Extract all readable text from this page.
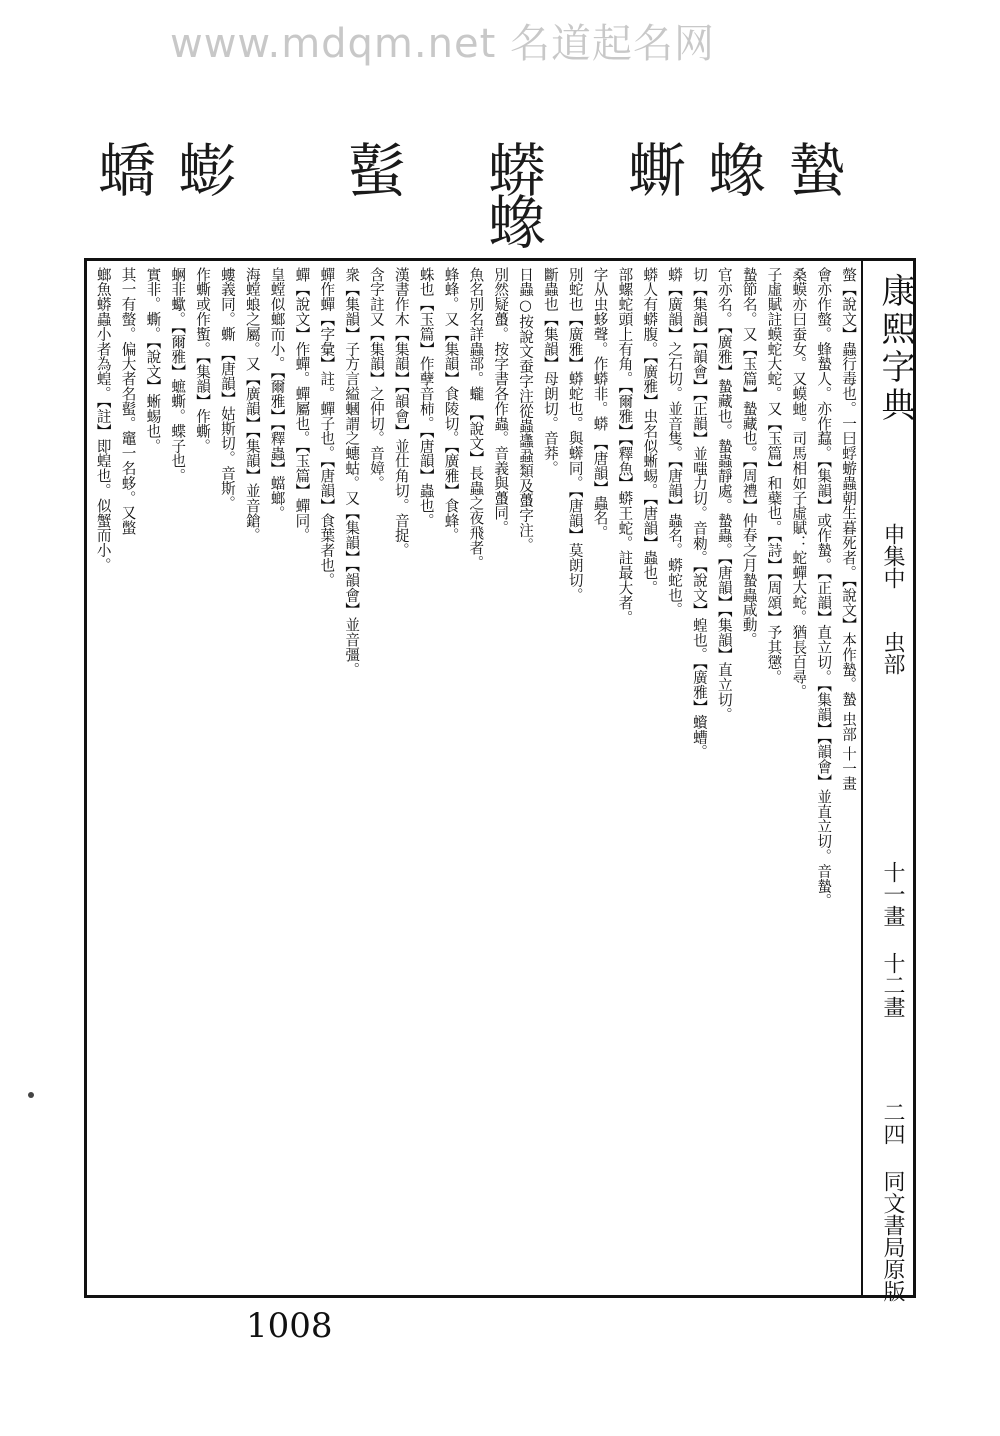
www.mdqm.net 名道起名网
蟄
蟓
蟖
蟒蟓
蟚
蟛
蟜
康熙字典
申集中
虫部
十一畫 十二畫
二四 同文書局原版
螫【說文】蟲行毒也。一曰蜉蝣蟲朝生暮死者。【說文】本作蟄。蟄 虫部 十一畫
會亦作螫。蜂蟄人。亦作蠚。【集韻】或作蟄。【正韻】直立切。【集韻】【韻會】並直立切。音蟄。
桑蟆亦曰蚕女。又蟆虵。司馬相如子虛賦：蛇蟬大蛇。猶長百尋。
子虛賦註蟆蛇大蛇。又【玉篇】和蘗也。【詩】【周頌】予其懲。
蟄節名。又【玉篇】蟄藏也。【周禮】仲春之月蟄蟲咸動。
官亦名。【廣雅】蟄藏也。蟄蟲靜處。蟄蟲。【唐韻】【集韻】直立切。
切【集韻】【韻會】【正韻】並嗤力切。音勑。【說文】蝗也。【廣雅】蠀螬。
蟒【廣韻】之石切。並音隻。【唐韻】蟲名。蟒蛇也。
蟒人有蟒腹。【廣雅】虫名似蜥蜴。【唐韻】蟲也。
部螺蛇頭上有角。【爾雅】【釋魚】蟒王蛇。註最大者。
字从虫蛥聲。作蟒非。蟒 【唐韻】蟲名。
別蛇也【廣雅】蟒蛇也。與蠎同。【唐韻】莫朗切。
斷蟲也【集韻】母朗切。音莽。
日蟲○按說文蚕字注從蟲蠭蝨類及蠆字注。
別然疑蠆。按字書各作蟲。音義與蠆同。
魚名別名詳蟲部。蠬 【說文】長蟲之夜飛者。
蜂蜂。又【集韻】食陵切。【廣雅】食蜂。
蛛也【玉篇】作孽音柿。【唐韻】蟲也。
漢書作木【集韻】【韻會】並仕角切。音捉。
含字註又【集韻】之仲切。音嫜。
衆【集韻】子方言縊蟈謂之蟪蛄。又【集韻】【韻會】並音彊。
蟬作蟬【字彙】註。蟬子也。【唐韻】食葉者也。
蟬【說文】作蟬。蟬屬也。【玉篇】蟬同。
皇螳似螂而小。【爾雅】【釋蟲】蟷螂。
海螳蜋之屬。又【廣韻】【集韻】並音鎗。
螻義同。蟖 【唐韻】姑斯切。音斯。
作蟖或作蟴。【集韻】作蟖。
蛧非蠍。【爾雅】蟅蟖。蝶子也。
實非。蟖。【說文】蜥蜴也。
其一有螫。偏大者名蟚。竈一名蛥。又蟞
螂魚蟒蟲小者為蝗。【註】即蝗也。似蟹而小。
1008
